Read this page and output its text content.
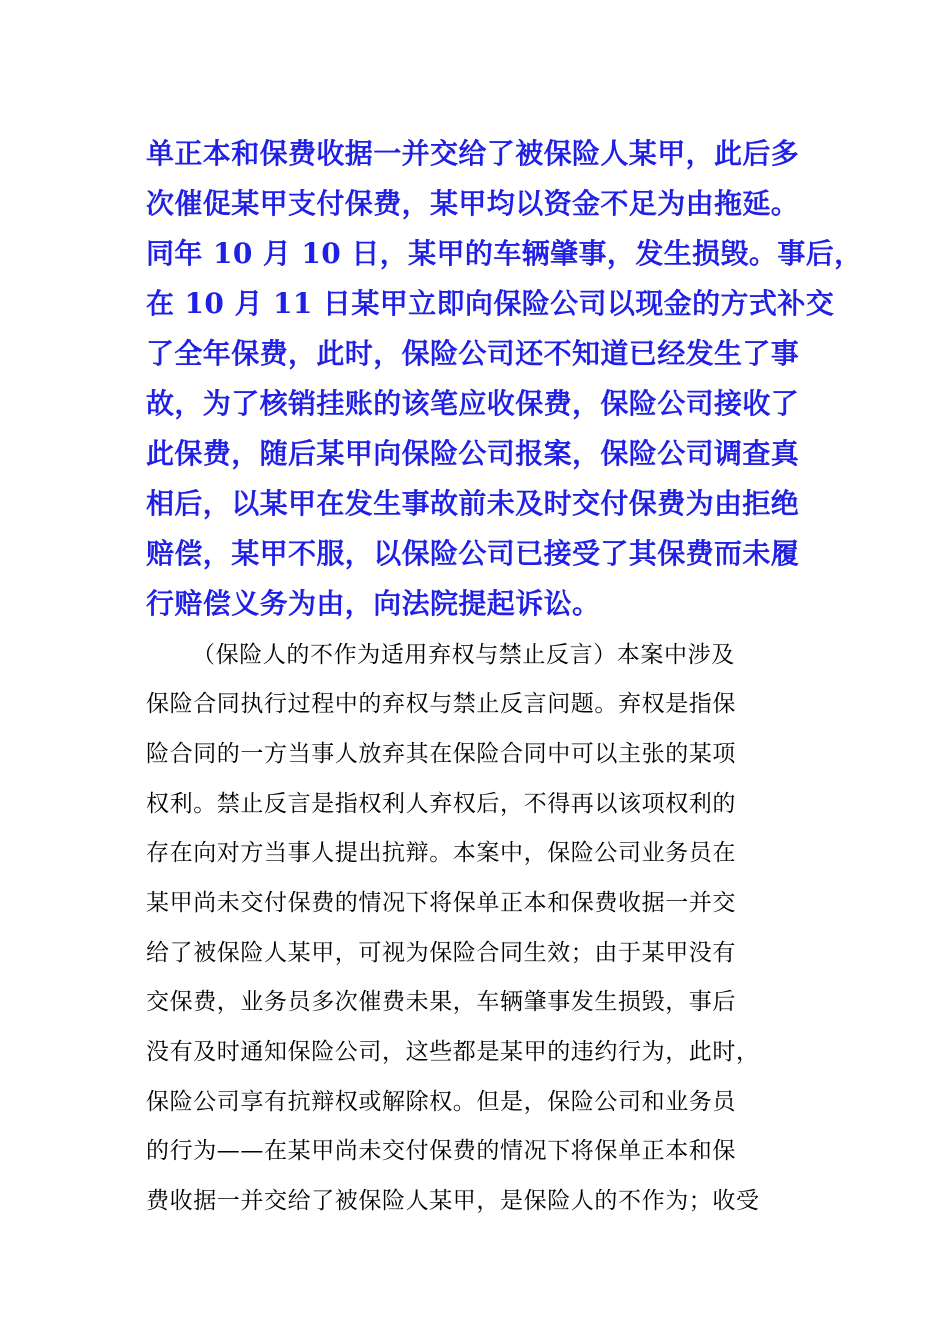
单正本和保费收据一并交给了被保险人某甲，此后多
次催促某甲支付保费，某甲均以资金不足为由拖延。
同年 10 月 10 日，某甲的车辆肇事，发生损毁。事后，
在 10 月 11 日某甲立即向保险公司以现金的方式补交
了全年保费，此时，保险公司还不知道已经发生了事
故，为了核销挂账的该笔应收保费，保险公司接收了
此保费，随后某甲向保险公司报案，保险公司调查真
相后，以某甲在发生事故前未及时交付保费为由拒绝
赔偿，某甲不服，以保险公司已接受了其保费而未履
行赔偿义务为由，向法院提起诉讼。
（保险人的不作为适用弃权与禁止反言）本案中涉及
保险合同执行过程中的弃权与禁止反言问题。弃权是指保
险合同的一方当事人放弃其在保险合同中可以主张的某项
权利。禁止反言是指权利人弃权后，不得再以该项权利的
存在向对方当事人提出抗辩。本案中，保险公司业务员在
某甲尚未交付保费的情况下将保单正本和保费收据一并交
给了被保险人某甲，可视为保险合同生效；由于某甲没有
交保费，业务员多次催费未果，车辆肇事发生损毁，事后
没有及时通知保险公司，这些都是某甲的违约行为，此时，
保险公司享有抗辩权或解除权。但是，保险公司和业务员
的行为——在某甲尚未交付保费的情况下将保单正本和保
费收据一并交给了被保险人某甲，是保险人的不作为；收受
